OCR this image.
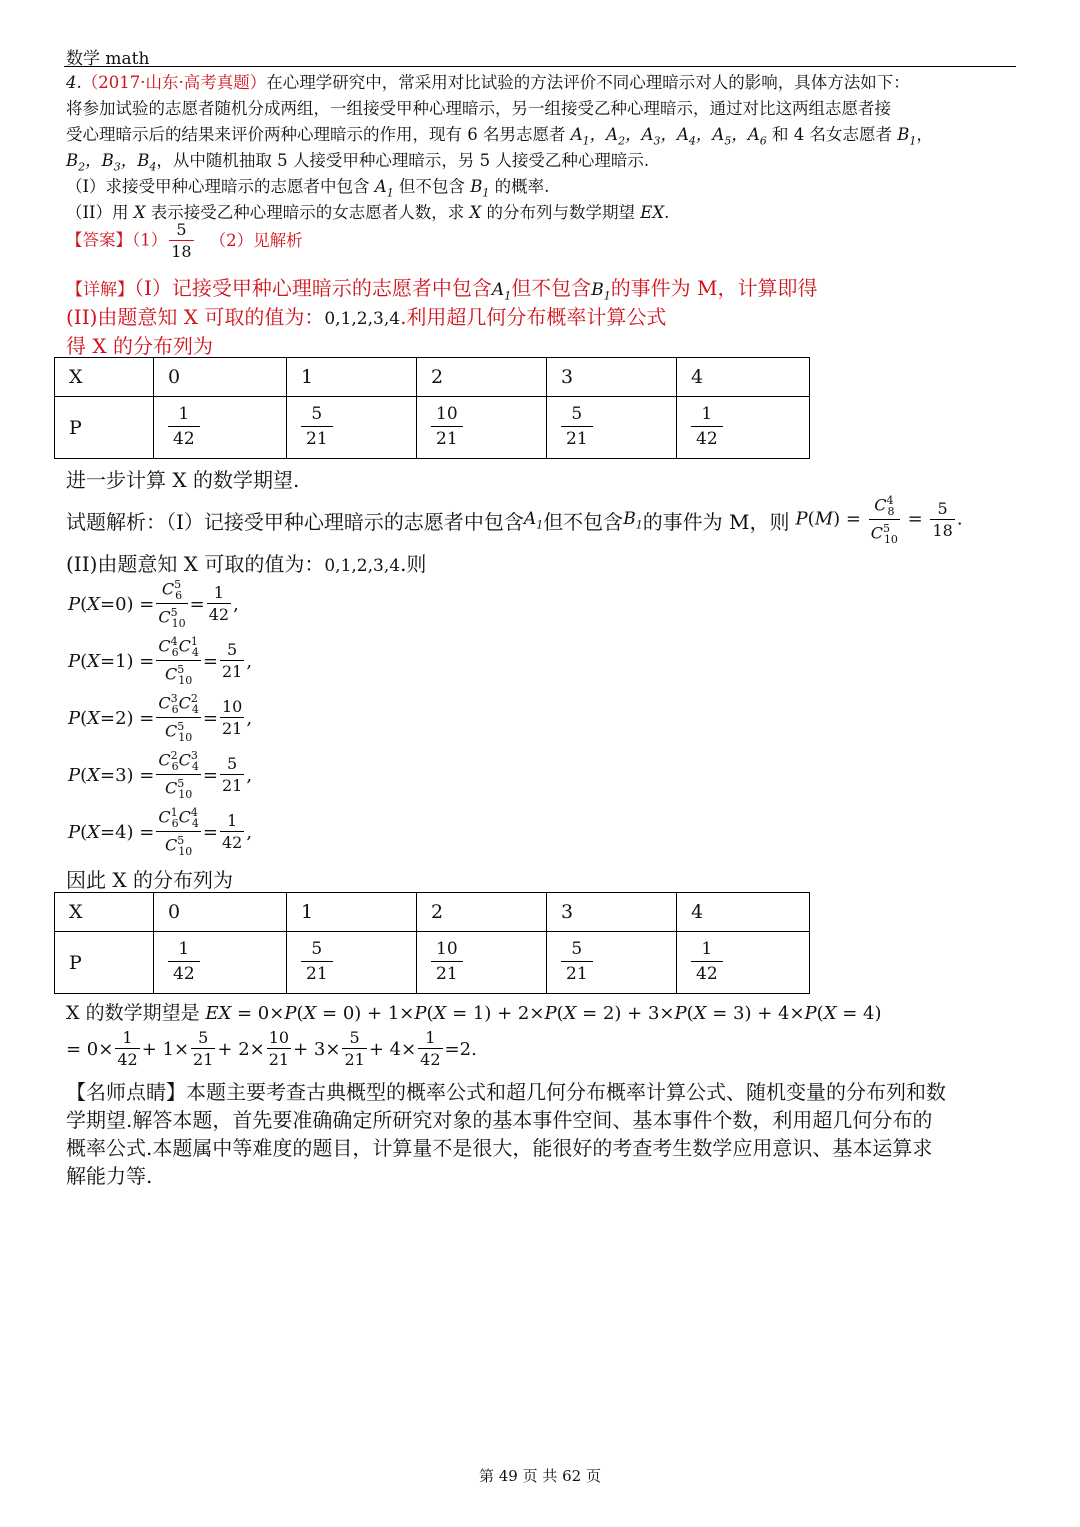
数学 math
4.（2017·山东·高考真题）在心理学研究中，常采用对比试验的方法评价不同心理暗示对人的影响，具体方法如下：
将参加试验的志愿者随机分成两组，一组接受甲种心理暗示，另一组接受乙种心理暗示，通过对比这两组志愿者接
受心理暗示后的结果来评价两种心理暗示的作用，现有 6 名男志愿者 $A_1$，$A_2$，$A_3$，$A_4$，$A_5$，$A_6$ 和 4 名女志愿者 $B_1$，
$B_2$，$B_3$，$B_4$，从中随机抽取 5 人接受甲种心理暗示，另 5 人接受乙种心理暗示.
（I）求接受甲种心理暗示的志愿者中包含 $A_1$ 但不包含 $B_1$ 的概率.
（II）用 X 表示接受乙种心理暗示的女志愿者人数，求 X 的分布列与数学期望 EX.
【答案】$(1) \frac{5}{18} (2)$见解析
【详解】（I）记接受甲种心理暗示的志愿者中包含$A_1$但不包含$B_1$的事件为 M，计算即得
(II)由题意知 X 可取的值为：0,1,2,3,4.利用超几何分布概率计算公式
得 X 的分布列为
X	0	1	2	3	4
P	$\frac{1}{42}$	$\frac{5}{21}$	$\frac{10}{21}$	$\frac{5}{21}$	$\frac{1}{42}$
进一步计算 X 的数学期望.
试题解析：（I）记接受甲种心理暗示的志愿者中包含 $A_1$ 但不包含 $B_1$ 的事件为 M，则 $P(M) = \frac{C^4_8}{C^5_{10}} = \frac{5}{18}$ .
(II)由题意知 X 可取的值为：0,1,2,3,4.则
P ( X = 0 ) = $\frac{C^5_6}{C^5_{10}} = \frac{1}{42}$ ,
P ( X = 1 ) = $\frac{C^4_6C^1_4}{C^5_{10}} = \frac{5}{21}$ ,
P ( X = 2 ) = $\frac{C^3_6C^2_4}{C^5_{10}} = \frac{10}{21}$ ,
P ( X = 3 ) = $\frac{C^2_6C^3_4}{C^5_{10}} = \frac{5}{21}$ ,
P ( X = 4 ) = $\frac{C^1_6C^4_4}{C^5_{10}} = \frac{1}{42}$ ,
因此 X 的分布列为
X	0	1	2	3	4
P	$\frac{1}{42}$	$\frac{5}{21}$	$\frac{10}{21}$	$\frac{5}{21}$	$\frac{1}{42}$
X 的数学期望是 EX = 0×P(X = 0) + 1×P(X = 1) + 2×P(X = 2) + 3×P(X = 3) + 4×P(X = 4)
= $0\times \frac{1}{42} + 1\times \frac{5}{21} + 2\times \frac{10}{21} + 3\times \frac{5}{21} + 4\times \frac{1}{42} = 2$ .
【名师点睛】本题主要考查古典概型的概率公式和超几何分布概率计算公式、随机变量的分布列和数
学期望.解答本题，首先要准确确定所研究对象的基本事件空间、基本事件个数，利用超几何分布的
概率公式.本题属中等难度的题目，计算量不是很大，能很好的考查考生数学应用意识、基本运算求
解能力等.
第 49 页 共 62 页
